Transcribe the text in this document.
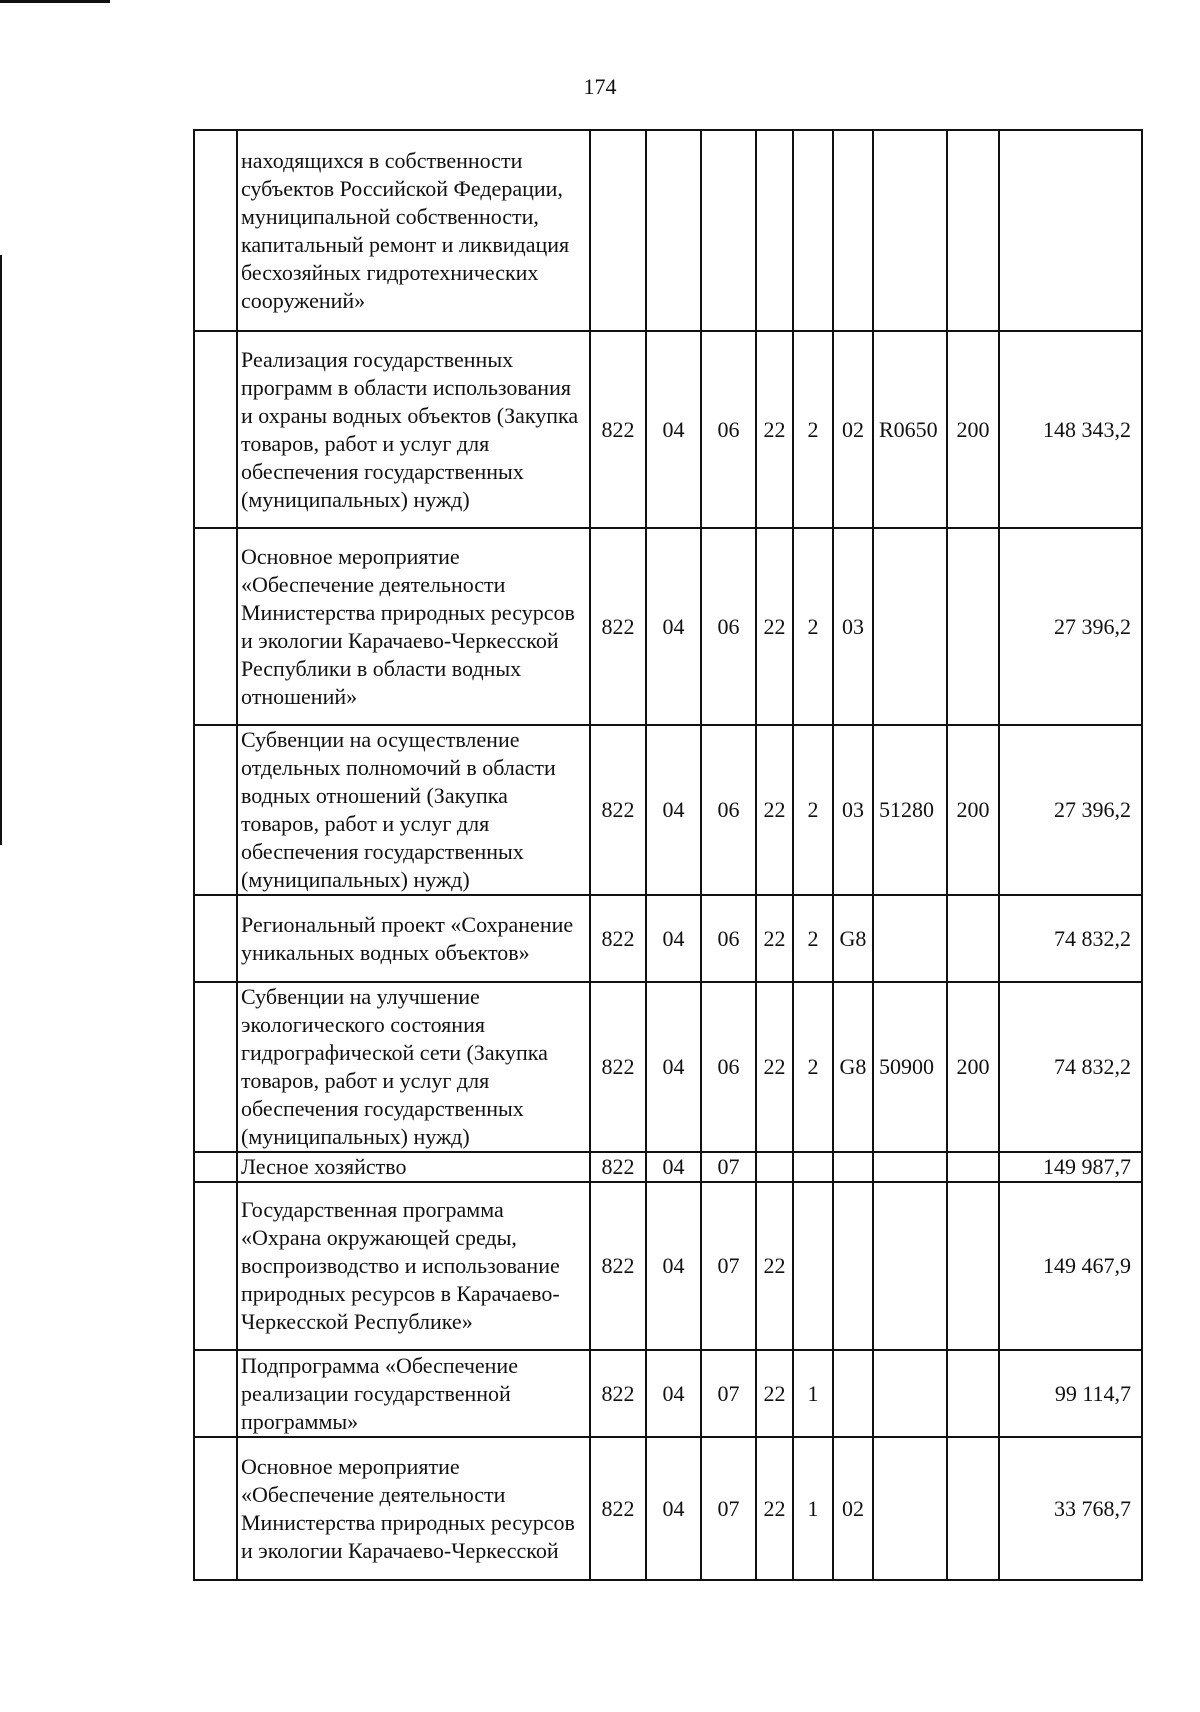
174
	находящихся в собственности субъектов Российской Федерации, муниципальной собственности, капитальный ремонт и ликвидация бесхозяйных гидротехнических сооружений»									
	Реализация государственных программ в области использования и охраны водных объектов (Закупка товаров, работ и услуг для обеспечения государственных (муниципальных) нужд)	822	04	06	22	2	02	R0650	200	148 343,2
	Основное мероприятие «Обеспечение деятельности Министерства природных ресурсов и экологии Карачаево-Черкесской Республики в области водных отношений»	822	04	06	22	2	03			27 396,2
	Субвенции на осуществление отдельных полномочий в области водных отношений (Закупка товаров, работ и услуг для обеспечения государственных (муниципальных) нужд)	822	04	06	22	2	03	51280	200	27 396,2
	Региональный проект «Сохранение уникальных водных объектов»	822	04	06	22	2	G8			74 832,2
	Субвенции на улучшение экологического состояния гидрографической сети (Закупка товаров, работ и услуг для обеспечения государственных (муниципальных) нужд)	822	04	06	22	2	G8	50900	200	74 832,2
	Лесное хозяйство	822	04	07						149 987,7
	Государственная программа «Охрана окружающей среды, воспроизводство и использование природных ресурсов в Карачаево-Черкесской Республике»	822	04	07	22					149 467,9
	Подпрограмма «Обеспечение реализации государственной программы»	822	04	07	22	1				99 114,7
	Основное мероприятие «Обеспечение деятельности Министерства природных ресурсов и экологии Карачаево-Черкесской	822	04	07	22	1	02			33 768,7
